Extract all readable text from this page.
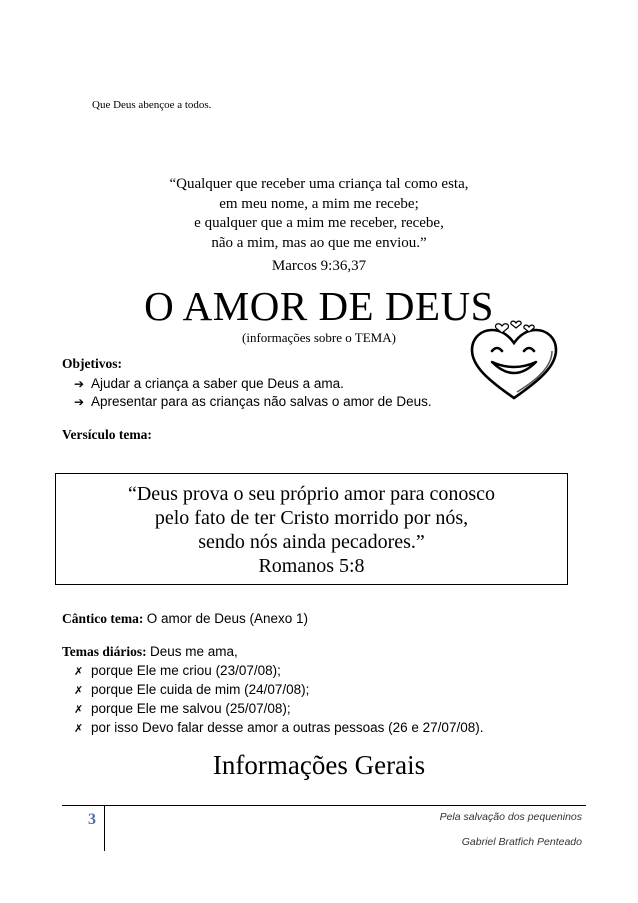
Que Deus abençoe a todos.
“Qualquer que receber uma criança tal como esta,
em meu nome, a mim me recebe;
e qualquer que a mim me receber, recebe,
não a mim, mas ao que me enviou.”
Marcos 9:36,37
O AMOR DE DEUS
(informações sobre o TEMA)
Objetivos:
➔ Ajudar a criança a saber que Deus a ama.
➔ Apresentar para as crianças não salvas o amor de Deus.
Versículo tema:
“Deus prova o seu próprio amor para conosco
pelo fato de ter Cristo morrido por nós,
sendo nós ainda pecadores.”
Romanos 5:8
Cântico tema: O amor de Deus (Anexo 1)
Temas diários: Deus me ama,
✗ porque Ele me criou (23/07/08);
✗ porque Ele cuida de mim (24/07/08);
✗ porque Ele me salvou (25/07/08);
✗ por isso Devo falar desse amor a outras pessoas (26 e 27/07/08).
Informações Gerais
3	Pela salvação dos pequeninos
Gabriel Bratfich Penteado
